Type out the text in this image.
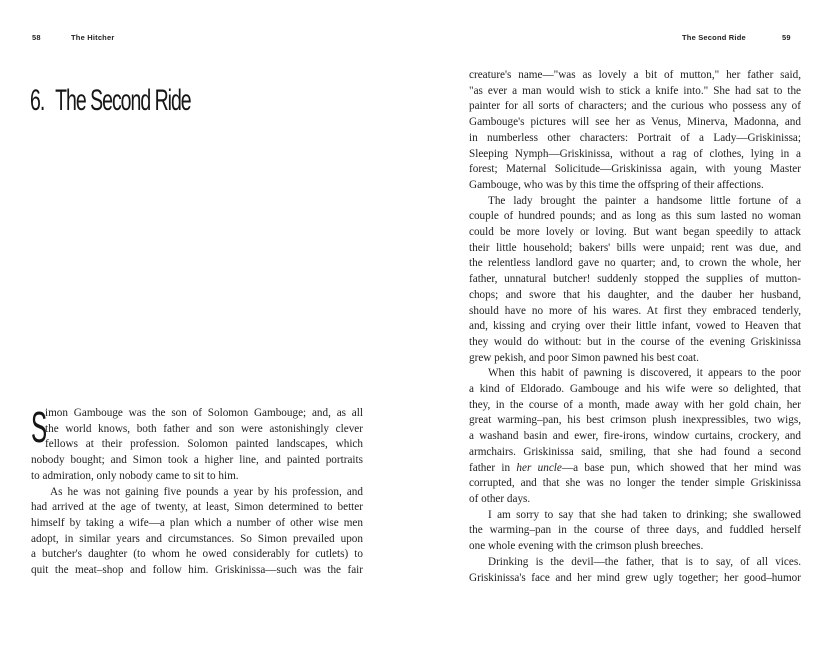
58	The Hitcher
6. The Second Ride
S
imon Gambouge was the son of Solomon Gambouge; and, as all
the world knows, both father and son were astonishingly clever
fellows at their profession. Solomon painted landscapes, which
nobody bought; and Simon took a higher line, and painted portraits
to admiration, only nobody came to sit to him.
As he was not gaining five pounds a year by his profession, and
had arrived at the age of twenty, at least, Simon determined to better
himself by taking a wife—a plan which a number of other wise men
adopt, in similar years and circumstances. So Simon prevailed upon
a butcher's daughter (to whom he owed considerably for cutlets) to
quit the meat–shop and follow him. Griskinissa—such was the fair
The Second Ride	59
creature's name—"was as lovely a bit of mutton," her father said,
"as ever a man would wish to stick a knife into." She had sat to the
painter for all sorts of characters; and the curious who possess any of
Gambouge's pictures will see her as Venus, Minerva, Madonna, and
in numberless other characters: Portrait of a Lady—Griskinissa;
Sleeping Nymph—Griskinissa, without a rag of clothes, lying in a
forest; Maternal Solicitude—Griskinissa again, with young Master
Gambouge, who was by this time the offspring of their affections.
The lady brought the painter a handsome little fortune of a
couple of hundred pounds; and as long as this sum lasted no woman
could be more lovely or loving. But want began speedily to attack
their little household; bakers' bills were unpaid; rent was due, and
the relentless landlord gave no quarter; and, to crown the whole, her
father, unnatural butcher! suddenly stopped the supplies of mutton-
chops; and swore that his daughter, and the dauber her husband,
should have no more of his wares. At first they embraced tenderly,
and, kissing and crying over their little infant, vowed to Heaven that
they would do without: but in the course of the evening Griskinissa
grew pekish, and poor Simon pawned his best coat.
When this habit of pawning is discovered, it appears to the poor
a kind of Eldorado. Gambouge and his wife were so delighted, that
they, in the course of a month, made away with her gold chain, her
great warming–pan, his best crimson plush inexpressibles, two wigs,
a washand basin and ewer, fire-irons, window curtains, crockery, and
armchairs. Griskinissa said, smiling, that she had found a second
father in her uncle—a base pun, which showed that her mind was
corrupted, and that she was no longer the tender simple Griskinissa
of other days.
I am sorry to say that she had taken to drinking; she swallowed
the warming–pan in the course of three days, and fuddled herself
one whole evening with the crimson plush breeches.
Drinking is the devil—the father, that is to say, of all vices.
Griskinissa's face and her mind grew ugly together; her good–humor
